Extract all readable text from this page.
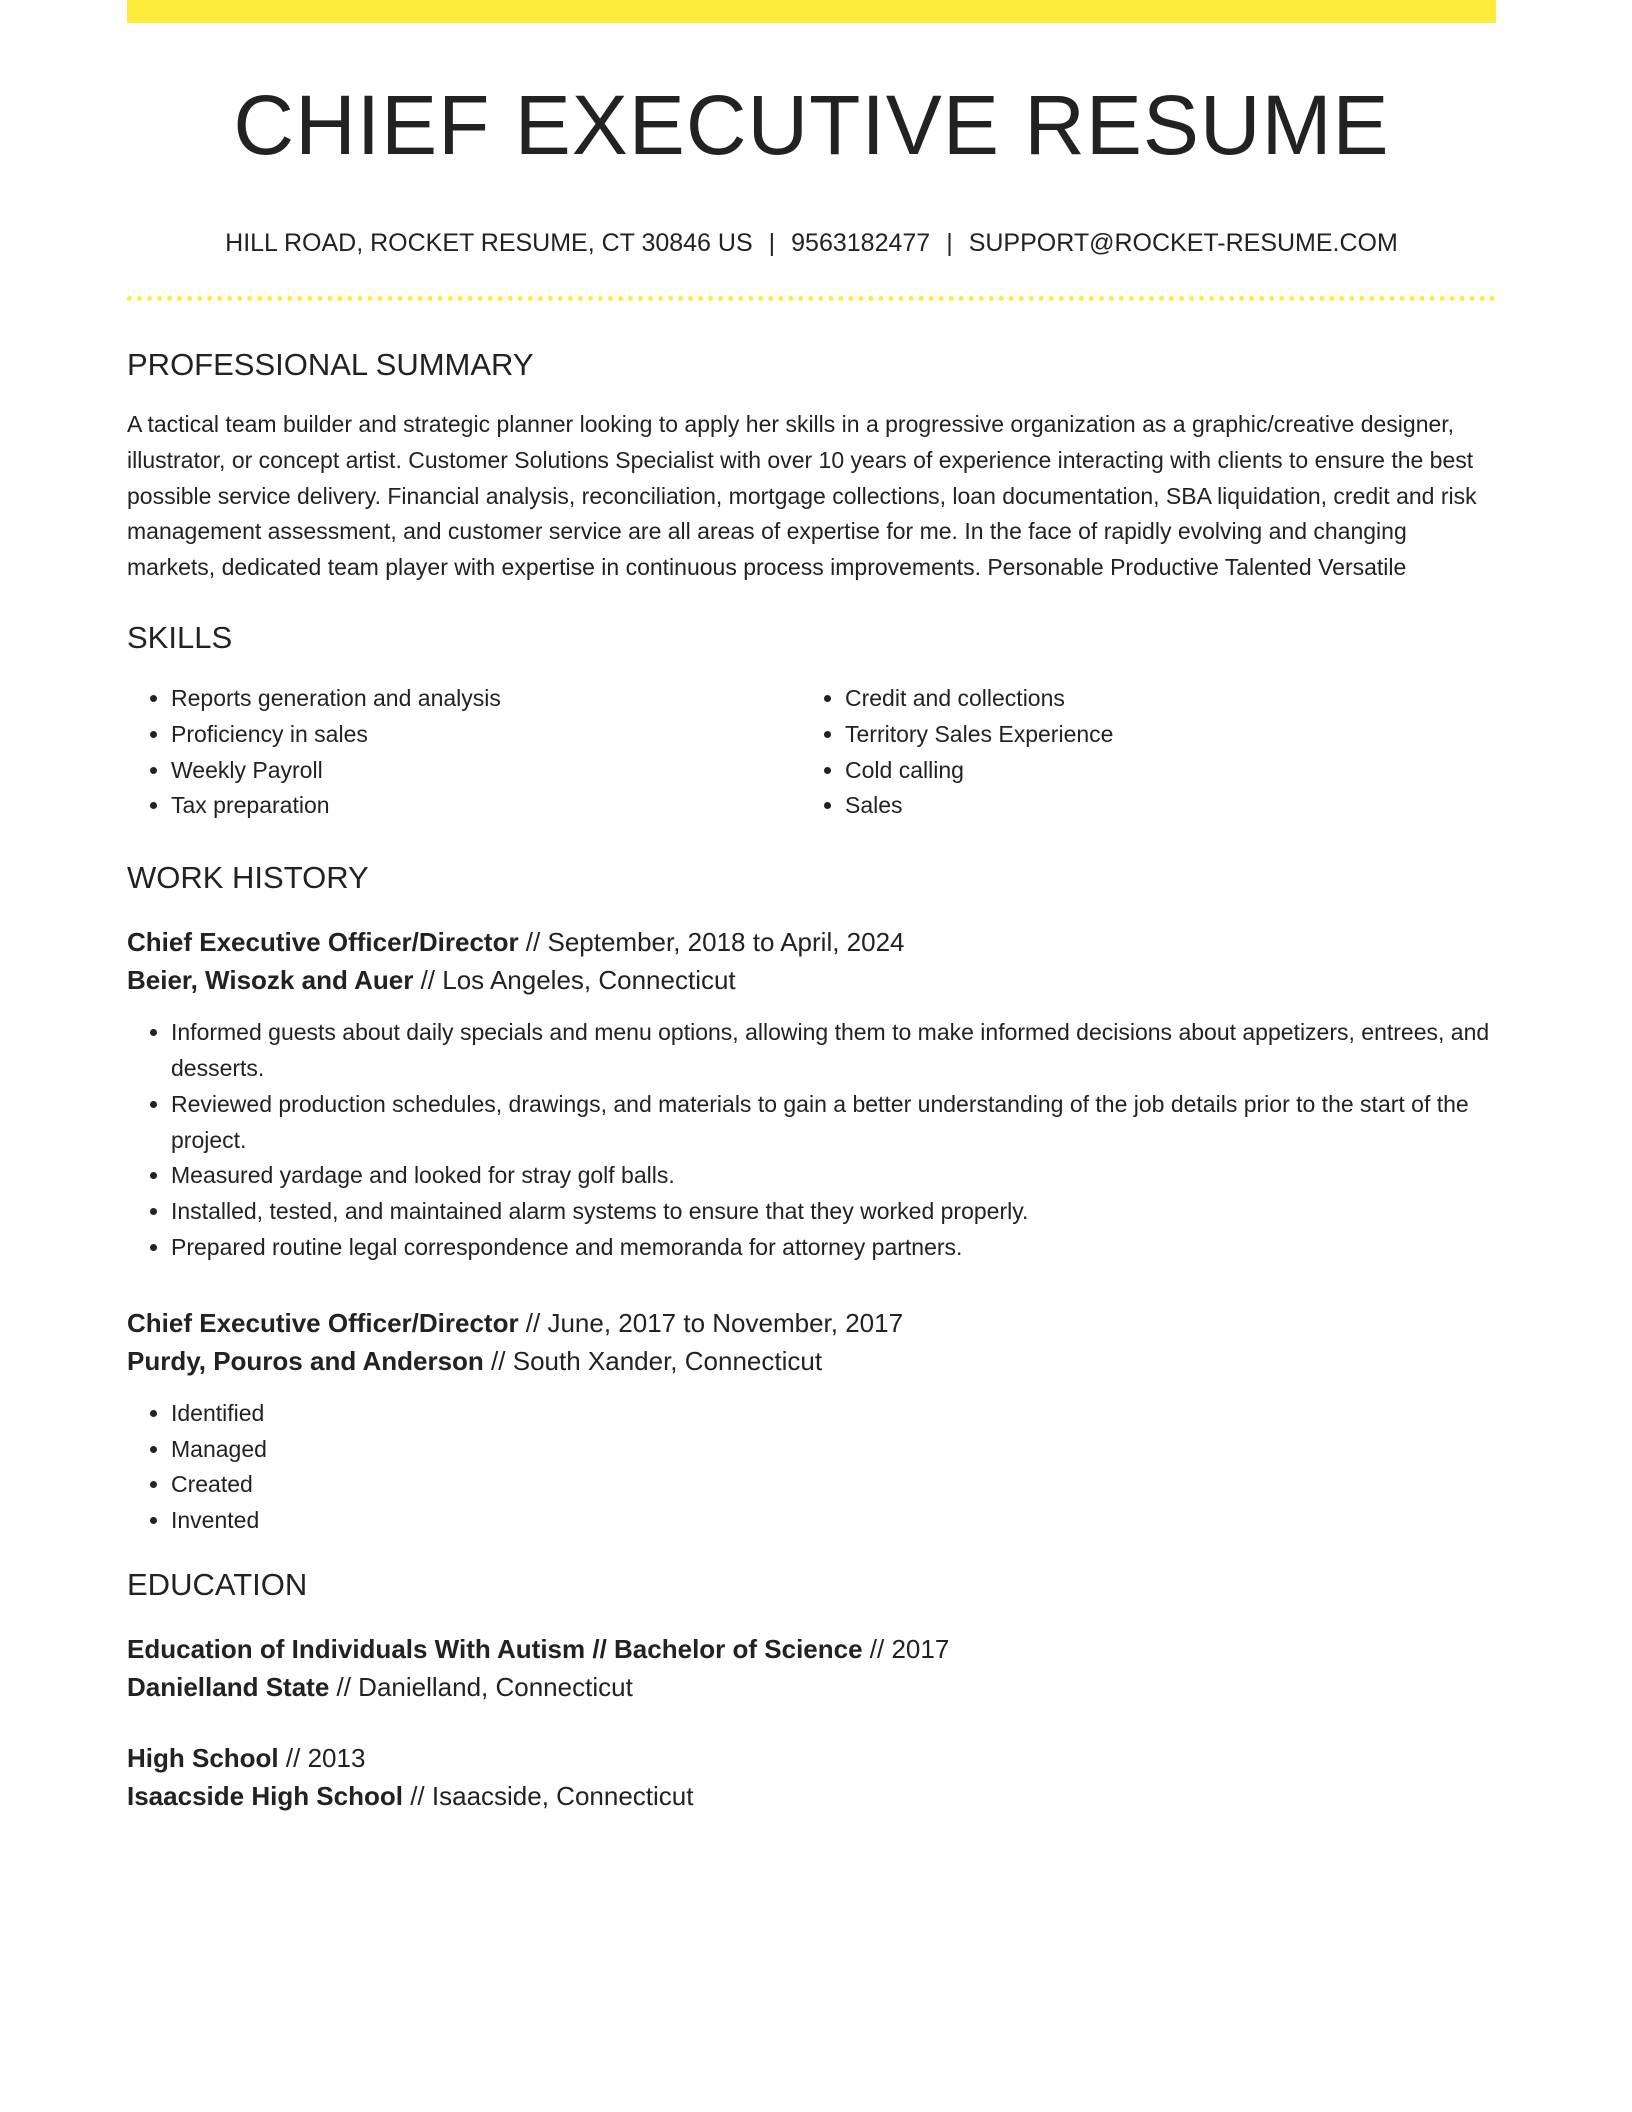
CHIEF EXECUTIVE RESUME
HILL ROAD, ROCKET RESUME, CT 30846 US | 9563182477 | SUPPORT@ROCKET-RESUME.COM
PROFESSIONAL SUMMARY
A tactical team builder and strategic planner looking to apply her skills in a progressive organization as a graphic/creative designer, illustrator, or concept artist. Customer Solutions Specialist with over 10 years of experience interacting with clients to ensure the best possible service delivery. Financial analysis, reconciliation, mortgage collections, loan documentation, SBA liquidation, credit and risk management assessment, and customer service are all areas of expertise for me. In the face of rapidly evolving and changing markets, dedicated team player with expertise in continuous process improvements. Personable Productive Talented Versatile
SKILLS
• Reports generation and analysis
• Proficiency in sales
• Weekly Payroll
• Tax preparation
• Credit and collections
• Territory Sales Experience
• Cold calling
• Sales
WORK HISTORY
Chief Executive Officer/Director // September, 2018 to April, 2024
Beier, Wisozk and Auer // Los Angeles, Connecticut
• Informed guests about daily specials and menu options, allowing them to make informed decisions about appetizers, entrees, and desserts.
• Reviewed production schedules, drawings, and materials to gain a better understanding of the job details prior to the start of the project.
• Measured yardage and looked for stray golf balls.
• Installed, tested, and maintained alarm systems to ensure that they worked properly.
• Prepared routine legal correspondence and memoranda for attorney partners.
Chief Executive Officer/Director // June, 2017 to November, 2017
Purdy, Pouros and Anderson // South Xander, Connecticut
• Identified
• Managed
• Created
• Invented
EDUCATION
Education of Individuals With Autism // Bachelor of Science // 2017
Danielland State // Danielland, Connecticut
High School // 2013
Isaacside High School // Isaacside, Connecticut
